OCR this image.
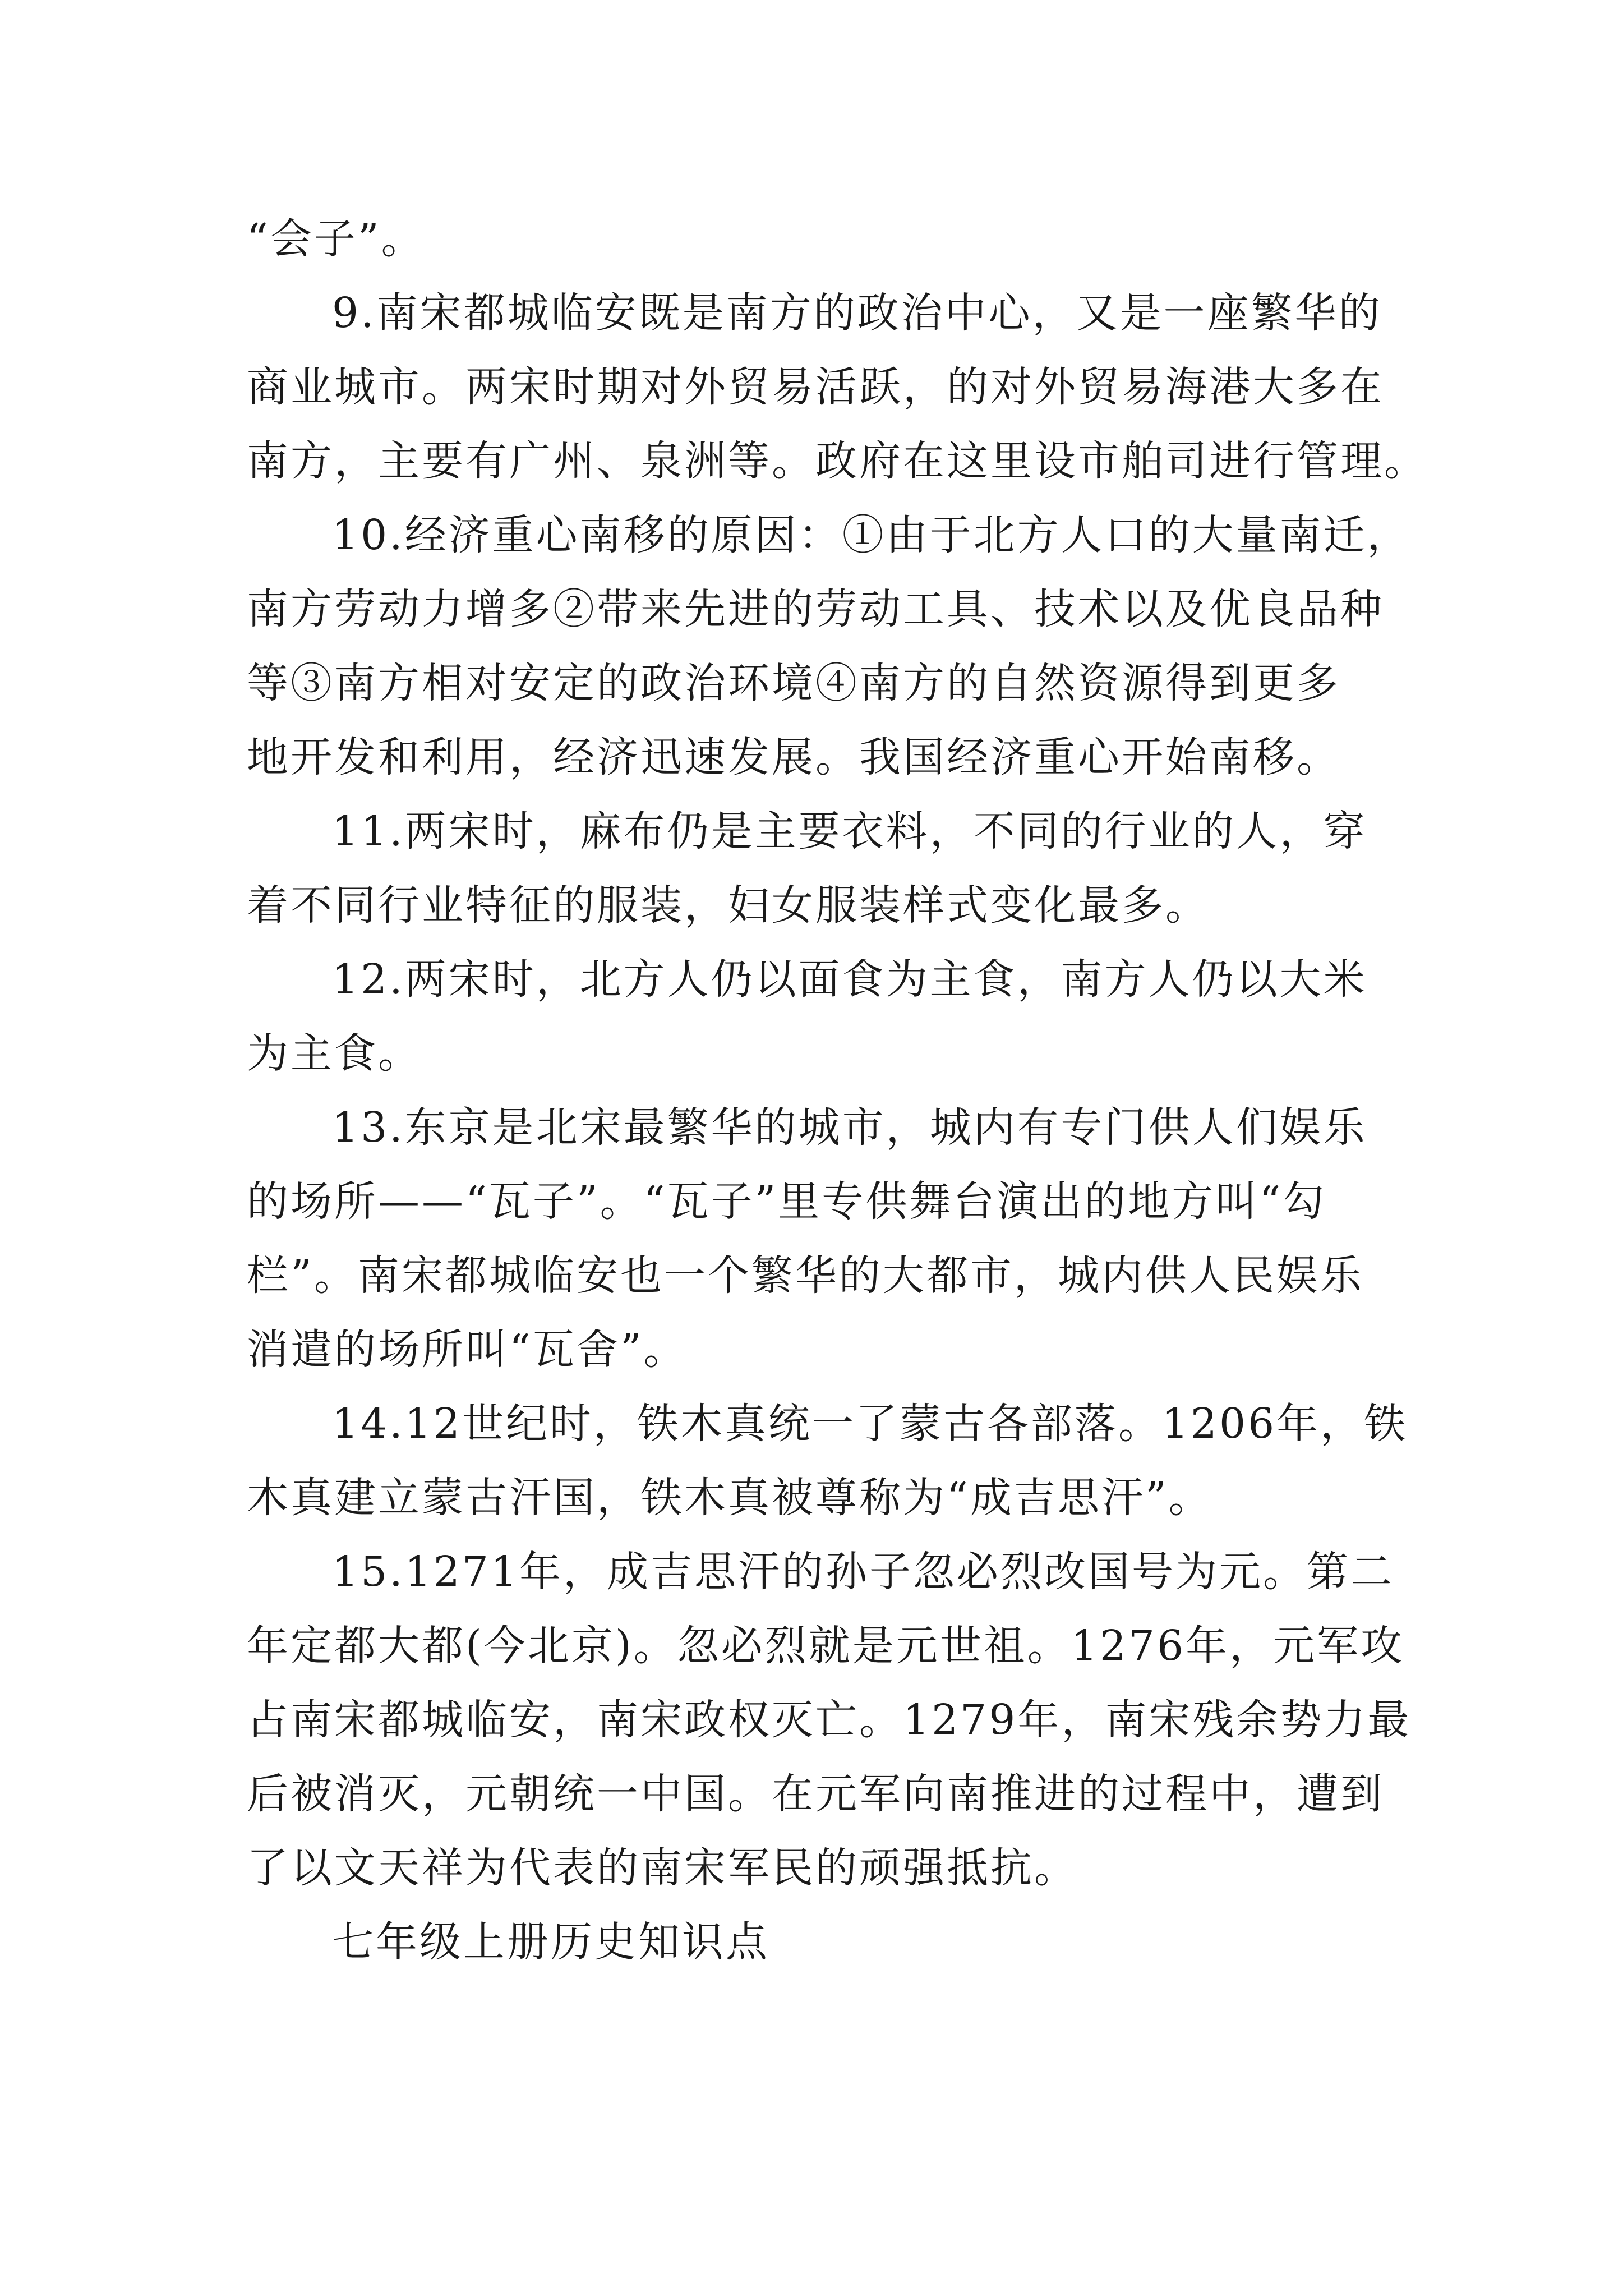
“会子”。
9.南宋都城临安既是南方的政治中心，又是一座繁华的
商业城市。两宋时期对外贸易活跃，的对外贸易海港大多在
南方，主要有广州、泉洲等。政府在这里设市舶司进行管理。
10.经济重心南移的原因：①由于北方人口的大量南迁，
南方劳动力增多②带来先进的劳动工具、技术以及优良品种
等③南方相对安定的政治环境④南方的自然资源得到更多
地开发和利用，经济迅速发展。我国经济重心开始南移。
11.两宋时，麻布仍是主要衣料，不同的行业的人，穿
着不同行业特征的服装，妇女服装样式变化最多。
12.两宋时，北方人仍以面食为主食，南方人仍以大米
为主食。
13.东京是北宋最繁华的城市，城内有专门供人们娱乐
的场所——“瓦子”。“瓦子”里专供舞台演出的地方叫“勾
栏”。南宋都城临安也一个繁华的大都市，城内供人民娱乐
消遣的场所叫“瓦舍”。
14.12世纪时，铁木真统一了蒙古各部落。1206年，铁
木真建立蒙古汗国，铁木真被尊称为“成吉思汗”。
15.1271年，成吉思汗的孙子忽必烈改国号为元。第二
年定都大都(今北京)。忽必烈就是元世祖。1276年，元军攻
占南宋都城临安，南宋政权灭亡。1279年，南宋残余势力最
后被消灭，元朝统一中国。在元军向南推进的过程中，遭到
了以文天祥为代表的南宋军民的顽强抵抗。
七年级上册历史知识点
